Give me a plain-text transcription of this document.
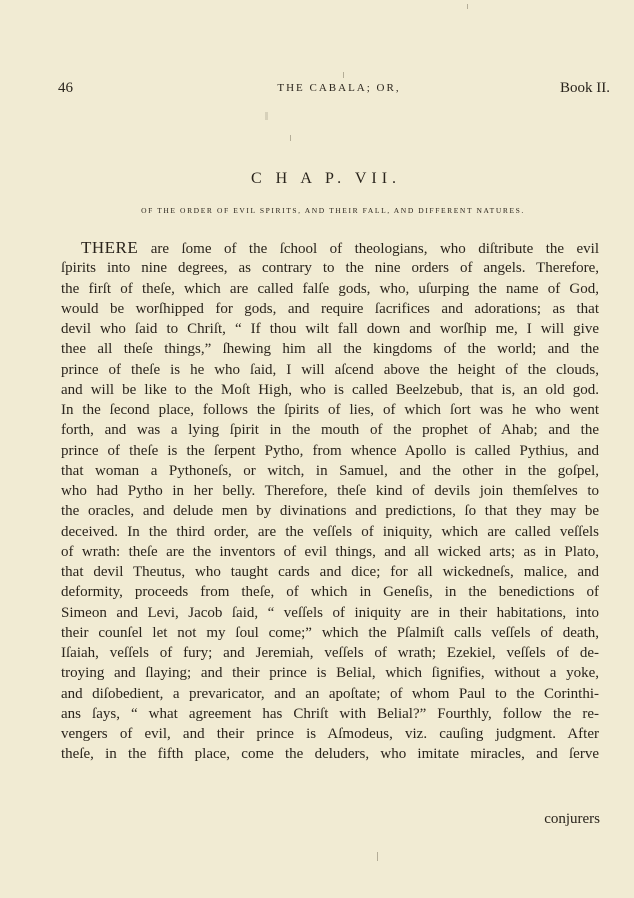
46	THE CABALA; OR,	Book II.
C H A P. VII.
OF THE ORDER OF EVIL SPIRITS, AND THEIR FALL, AND DIFFERENT NATURES.
THERE are ſome of the ſchool of theologians, who diſtribute the evil
ſpirits into nine degrees, as contrary to the nine orders of angels. Therefore,
the firſt of theſe, which are called falſe gods, who, uſurping the name of God,
would be worſhipped for gods, and require ſacrifices and adorations; as that
devil who ſaid to Chriſt, “ If thou wilt fall down and worſhip me, I will give
thee all theſe things,” ſhewing him all the kingdoms of the world; and the
prince of theſe is he who ſaid, I will aſcend above the height of the clouds,
and will be like to the Moſt High, who is called Beelzebub, that is, an old god.
In the ſecond place, follows the ſpirits of lies, of which ſort was he who went
forth, and was a lying ſpirit in the mouth of the prophet of Ahab; and the
prince of theſe is the ſerpent Pytho, from whence Apollo is called Pythius, and
that woman a Pythoneſs, or witch, in Samuel, and the other in the goſpel,
who had Pytho in her belly. Therefore, theſe kind of devils join themſelves to
the oracles, and delude men by divinations and predictions, ſo that they may be
deceived. In the third order, are the veſſels of iniquity, which are called veſſels
of wrath: theſe are the inventors of evil things, and all wicked arts; as in Plato,
that devil Theutus, who taught cards and dice; for all wickedneſs, malice, and
deformity, proceeds from theſe, of which in Geneſis, in the benedictions of
Simeon and Levi, Jacob ſaid, “ veſſels of iniquity are in their habitations, into
their counſel let not my ſoul come;” which the Pſalmiſt calls veſſels of death,
Iſaiah, veſſels of fury; and Jeremiah, veſſels of wrath; Ezekiel, veſſels of de-
troying and ſlaying; and their prince is Belial, which ſignifies, without a yoke,
and diſobedient, a prevaricator, and an apoſtate; of whom Paul to the Corinthi-
ans ſays, “ what agreement has Chriſt with Belial?” Fourthly, follow the re-
vengers of evil, and their prince is Aſmodeus, viz. cauſing judgment. After
theſe, in the fifth place, come the deluders, who imitate miracles, and ſerve
conjurers
